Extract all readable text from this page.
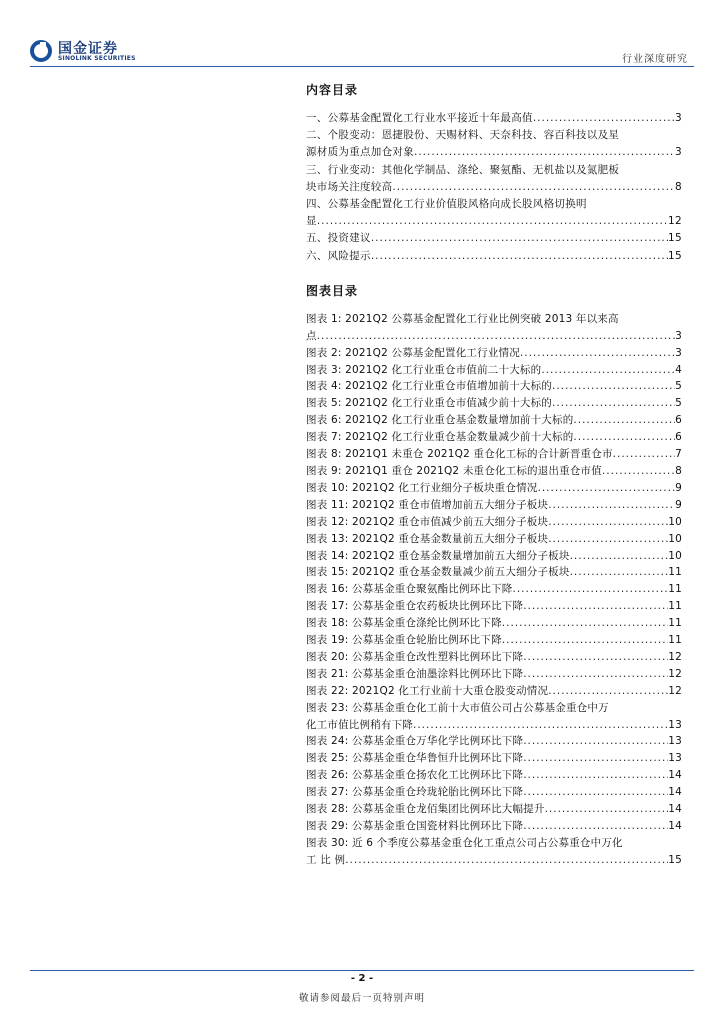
国金证券
SINOLINK SECURITIES	行业深度研究
内容目录
一、公募基金配置化工行业水平接近十年最高值 .....	3
二、个股变动：恩捷股份、天赐材料、天奈科技、容百科技以及星
源材质为重点加仓对象 .....	3
三、行业变动：其他化学制品、涤纶、聚氨酯、无机盐以及氮肥板
块市场关注度较高 .....	8
四、公募基金配置化工行业价值股风格向成长股风格切换明
显 .....	12
五、投资建议 .....	15
六、风险提示 .....	15
图表目录
图表 1: 2021Q2 公募基金配置化工行业比例突破 2013 年以来高
点 .....	3
图表 2: 2021Q2 公募基金配置化工行业情况 .....	3
图表 3: 2021Q2 化工行业重仓市值前二十大标的 .....	4
图表 4: 2021Q2 化工行业重仓市值增加前十大标的 .....	5
图表 5: 2021Q2 化工行业重仓市值减少前十大标的 .....	5
图表 6: 2021Q2 化工行业重仓基金数量增加前十大标的 .....	6
图表 7: 2021Q2 化工行业重仓基金数量减少前十大标的 .....	6
图表 8: 2021Q1 未重仓 2021Q2 重仓化工标的合计新晋重仓市 .....	7
图表 9: 2021Q1 重仓 2021Q2 未重仓化工标的退出重仓市值 .....	8
图表 10: 2021Q2 化工行业细分子板块重仓情况 .....	9
图表 11: 2021Q2 重仓市值增加前五大细分子板块 .....	9
图表 12: 2021Q2 重仓市值减少前五大细分子板块 .....	10
图表 13: 2021Q2 重仓基金数量前五大细分子板块 .....	10
图表 14: 2021Q2 重仓基金数量增加前五大细分子板块 .....	10
图表 15: 2021Q2 重仓基金数量减少前五大细分子板块 .....	11
图表 16: 公募基金重仓聚氨酯比例环比下降 .....	11
图表 17: 公募基金重仓农药板块比例环比下降 .....	11
图表 18: 公募基金重仓涤纶比例环比下降 .....	11
图表 19: 公募基金重仓轮胎比例环比下降 .....	11
图表 20: 公募基金重仓改性塑料比例环比下降 .....	12
图表 21: 公募基金重仓油墨涂料比例环比下降 .....	12
图表 22: 2021Q2 化工行业前十大重仓股变动情况 .....	12
图表 23: 公募基金重仓化工前十大市值公司占公募基金重仓中万
化工市值比例稍有下降 .....	13
图表 24: 公募基金重仓万华化学比例环比下降 .....	13
图表 25: 公募基金重仓华鲁恒升比例环比下降 .....	13
图表 26: 公募基金重仓扬农化工比例环比下降 .....	14
图表 27: 公募基金重仓玲珑轮胎比例环比下降 .....	14
图表 28: 公募基金重仓龙佰集团比例环比大幅提升 .....	14
图表 29: 公募基金重仓国瓷材料比例环比下降 .....	14
图表 30: 近 6 个季度公募基金重仓化工重点公司占公募重仓中万化
工 比 例 .....	15
- 2 -
敬请参阅最后一页特别声明
